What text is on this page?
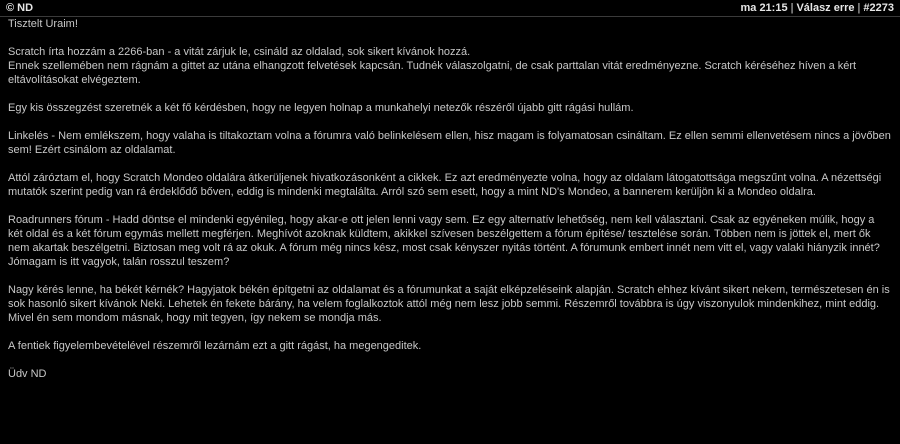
© ND	ma 21:15 | Válasz erre | #2273

Tisztelt Uraim!

Scratch írta hozzám a 2266-ban - a vitát zárjuk le, csináld az oldalad, sok sikert kívánok hozzá.
Ennek szellemében nem rágnám a gittet az utána elhangzott felvetések kapcsán. Tudnék válaszolgatni, de csak parttalan vitát eredményezne. Scratch kéréséhez híven a kért eltávolításokat elvégeztem.

Egy kis összegzést szeretnék a két fő kérdésben, hogy ne legyen holnap a munkahelyi netezők részéről újabb gitt rágási hullám.

Linkelés - Nem emlékszem, hogy valaha is tiltakoztam volna a fórumra való belinkelésem ellen, hisz magam is folyamatosan csináltam. Ez ellen semmi ellenvetésem nincs a jövőben sem! Ezért csinálom az oldalamat.

Attól záróztam el, hogy Scratch Mondeo oldalára átkerüljenek hivatkozásonként a cikkek. Ez azt eredményezte volna, hogy az oldalam látogatottsága megszűnt volna. A nézettségi mutatók szerint pedig van rá érdeklődő bőven, eddig is mindenki megtalálta. Arról szó sem esett, hogy a mint ND's Mondeo, a bannerem kerüljön ki a Mondeo oldalra.

Roadrunners fórum - Hadd döntse el mindenki egyénileg, hogy akar-e ott jelen lenni vagy sem. Ez egy alternatív lehetőség, nem kell választani. Csak az egyéneken múlik, hogy a két oldal és a két fórum egymás mellett megférjen. Meghívót azoknak küldtem, akikkel szívesen beszélgettem a fórum építése/ tesztelése során. Többen nem is jöttek el, mert ők nem akartak beszélgetni. Biztosan meg volt rá az okuk. A fórum még nincs kész, most csak kényszer nyitás történt. A fórumunk embert innét nem vitt el, vagy valaki hiányzik innét? Jómagam is itt vagyok, talán rosszul teszem?

Nagy kérés lenne, ha békét kérnék? Hagyjatok békén építgetni az oldalamat és a fórumunkat a saját elképzeléseink alapján. Scratch ehhez kívánt sikert nekem, természetesen én is sok hasonló sikert kívánok Neki. Lehetek én fekete bárány, ha velem foglalkoztok attól még nem lesz jobb semmi. Részemről továbbra is úgy viszonyulok mindenkihez, mint eddig. Mivel én sem mondom másnak, hogy mit tegyen, így nekem se mondja más.

A fentiek figyelembevételével részemről lezárnám ezt a gitt rágást, ha megengeditek.

Üdv ND
